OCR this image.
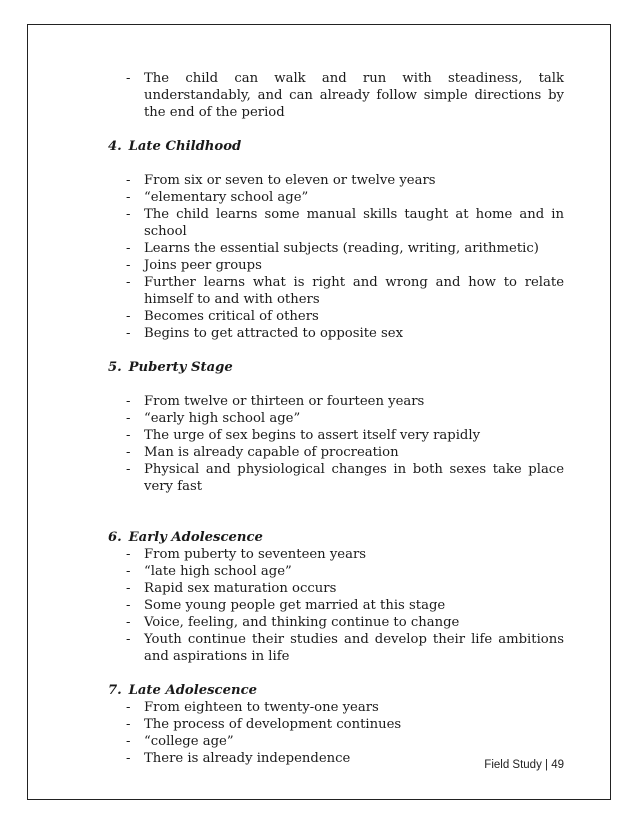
- The child can walk and run with steadiness, talk understandably, and can already follow simple directions by the end of the period
4. Late Childhood
- From six or seven to eleven or twelve years
- “elementary school age”
- The child learns some manual skills taught at home and in school
- Learns the essential subjects (reading, writing, arithmetic)
- Joins peer groups
- Further learns what is right and wrong and how to relate himself to and with others
- Becomes critical of others
- Begins to get attracted to opposite sex
5. Puberty Stage
- From twelve or thirteen or fourteen years
- “early high school age”
- The urge of sex begins to assert itself very rapidly
- Man is already capable of procreation
- Physical and physiological changes in both sexes take place very fast
6. Early Adolescence
- From puberty to seventeen years
- “late high school age”
- Rapid sex maturation occurs
- Some young people get married at this stage
- Voice, feeling, and thinking continue to change
- Youth continue their studies and develop their life ambitions and aspirations in life
7. Late Adolescence
- From eighteen to twenty-one years
- The process of development continues
- “college age”
- There is already independence	Field Study | 49
